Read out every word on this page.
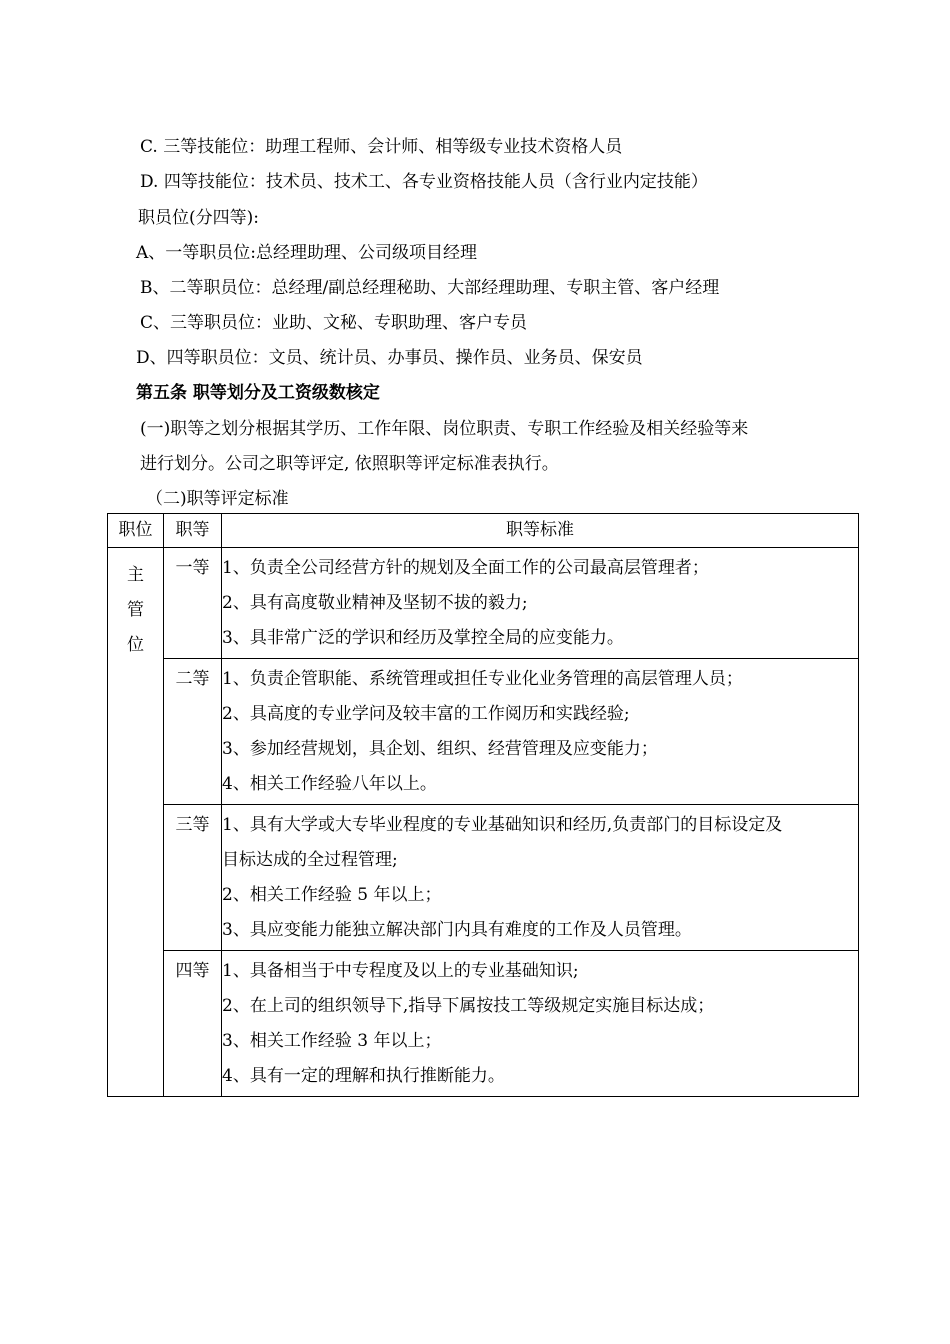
C. 三等技能位：助理工程师、会计师、相等级专业技术资格人员
D. 四等技能位：技术员、技术工、各专业资格技能人员（含行业内定技能）
职员位(分四等):
A、一等职员位:总经理助理、公司级项目经理
B、二等职员位：总经理/副总经理秘助、大部经理助理、专职主管、客户经理
C、三等职员位：业助、文秘、专职助理、客户专员
D、四等职员位：文员、统计员、办事员、操作员、业务员、保安员
第五条 职等划分及工资级数核定
(一)职等之划分根据其学历、工作年限、岗位职责、专职工作经验及相关经验等来
进行划分。公司之职等评定, 依照职等评定标准表执行。
（二)职等评定标准
职位	职等	职等标准

主管位	一等	1、负责全公司经营方针的规划及全面工作的公司最高层管理者；
2、具有高度敬业精神及坚韧不拔的毅力;
3、具非常广泛的学识和经历及掌控全局的应变能力。

	二等	1、负责企管职能、系统管理或担任专业化业务管理的高层管理人员；
2、具高度的专业学问及较丰富的工作阅历和实践经验;
3、参加经营规划，具企划、组织、经营管理及应变能力；
4、相关工作经验八年以上。

	三等	1、具有大学或大专毕业程度的专业基础知识和经历,负责部门的目标设定及
目标达成的全过程管理;
2、相关工作经验 5 年以上；
3、具应变能力能独立解决部门内具有难度的工作及人员管理。

	四等	1、具备相当于中专程度及以上的专业基础知识;
2、在上司的组织领导下,指导下属按技工等级规定实施目标达成；
3、相关工作经验 3 年以上；
4、具有一定的理解和执行推断能力。
